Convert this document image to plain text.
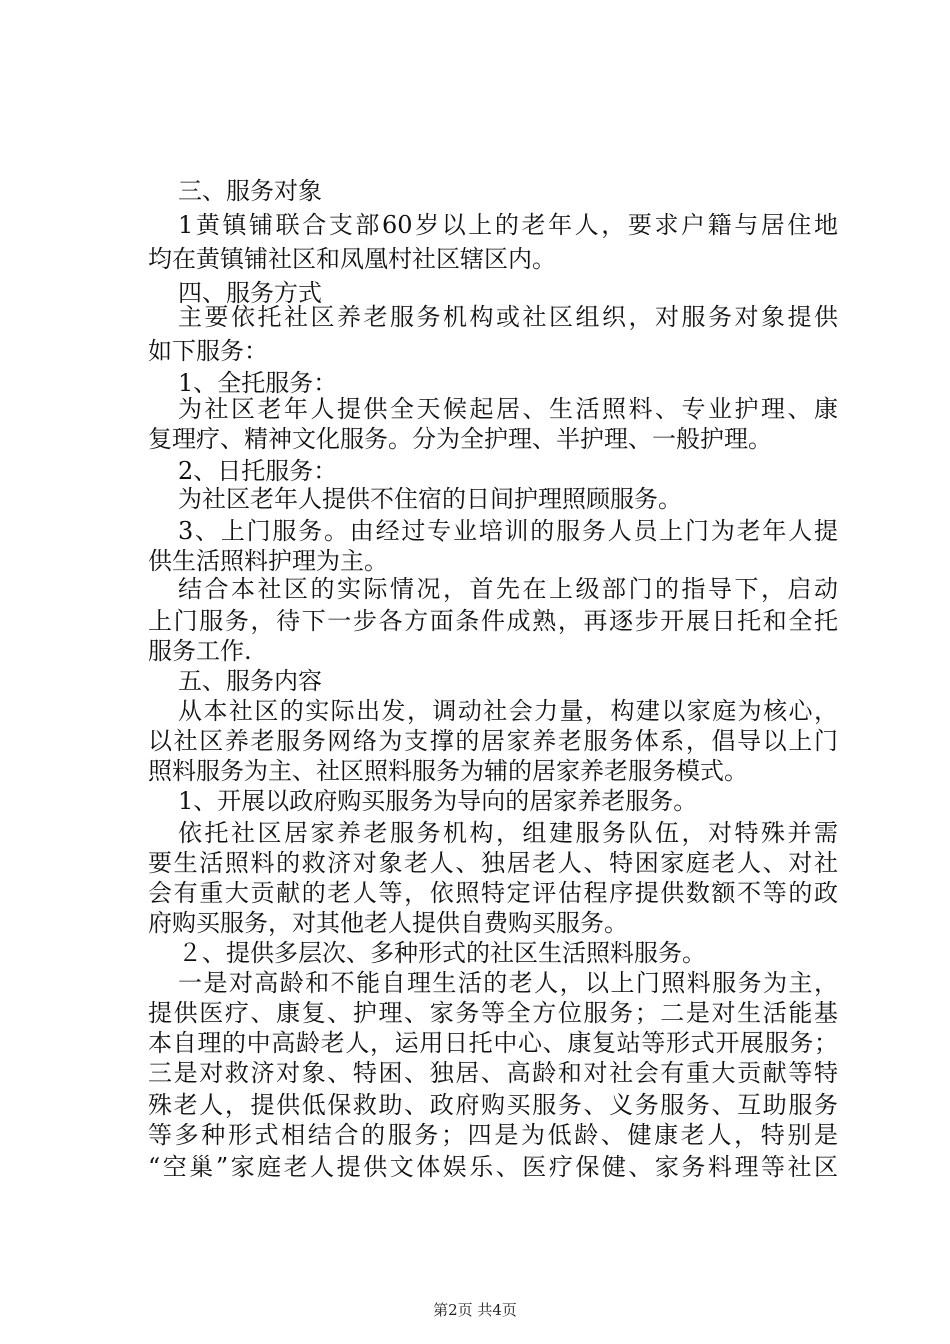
三、服务对象
1黄镇铺联合支部60岁以上的老年人，要求户籍与居住地
均在黄镇铺社区和凤凰村社区辖区内。
四、服务方式
主要依托社区养老服务机构或社区组织，对服务对象提供
如下服务：
1、全托服务：
为社区老年人提供全天候起居、生活照料、专业护理、康
复理疗、精神文化服务。分为全护理、半护理、一般护理。
2、日托服务：
为社区老年人提供不住宿的日间护理照顾服务。
3、上门服务。由经过专业培训的服务人员上门为老年人提
供生活照料护理为主。
结合本社区的实际情况，首先在上级部门的指导下，启动
上门服务，待下一步各方面条件成熟，再逐步开展日托和全托
服务工作.
五、服务内容
从本社区的实际出发，调动社会力量，构建以家庭为核心，
以社区养老服务网络为支撑的居家养老服务体系，倡导以上门
照料服务为主、社区照料服务为辅的居家养老服务模式。
1、开展以政府购买服务为导向的居家养老服务。
依托社区居家养老服务机构，组建服务队伍，对特殊并需
要生活照料的救济对象老人、独居老人、特困家庭老人、对社
会有重大贡献的老人等，依照特定评估程序提供数额不等的政
府购买服务，对其他老人提供自费购买服务。
２、提供多层次、多种形式的社区生活照料服务。
一是对高龄和不能自理生活的老人，以上门照料服务为主，
提供医疗、康复、护理、家务等全方位服务；二是对生活能基
本自理的中高龄老人，运用日托中心、康复站等形式开展服务；
三是对救济对象、特困、独居、高龄和对社会有重大贡献等特
殊老人，提供低保救助、政府购买服务、义务服务、互助服务
等多种形式相结合的服务；四是为低龄、健康老人，特别是
“空巢”家庭老人提供文体娱乐、医疗保健、家务料理等社区
第2页 共4页
